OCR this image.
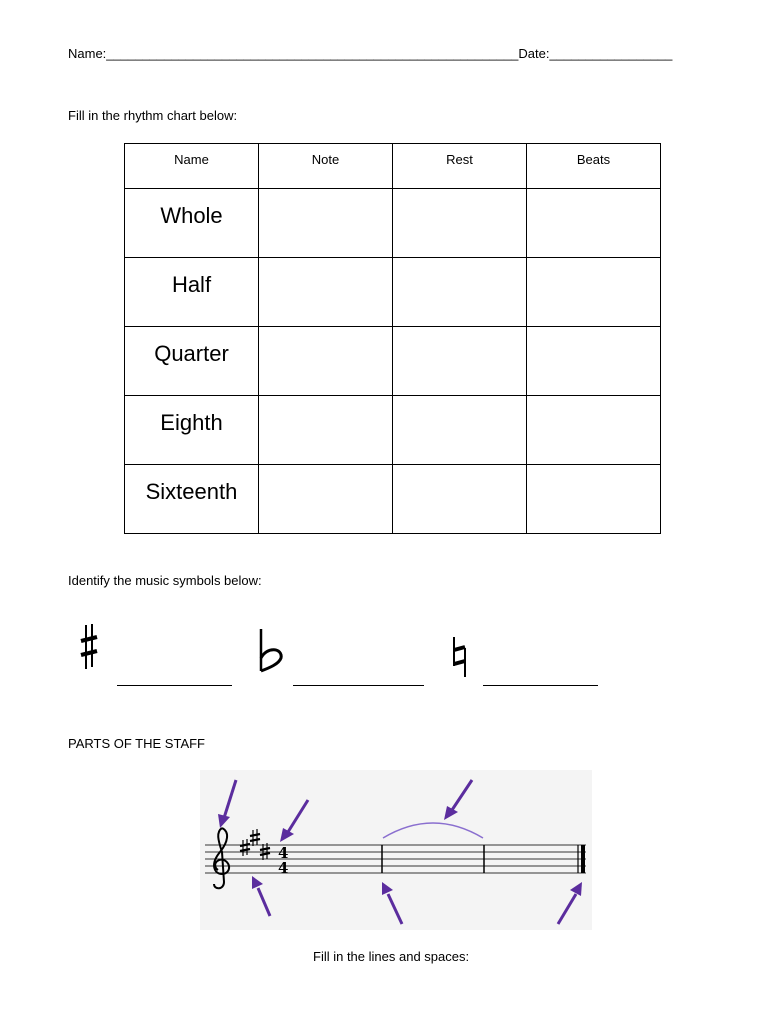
Name:_________________________________________________________Date:_________________
Fill in the rhythm chart below:
Name	Note	Rest	Beats
Whole			
Half			
Quarter			
Eighth			
Sixteenth			
Identify the music symbols below:
PARTS OF THE STAFF
4
4
Fill in the lines and spaces:
